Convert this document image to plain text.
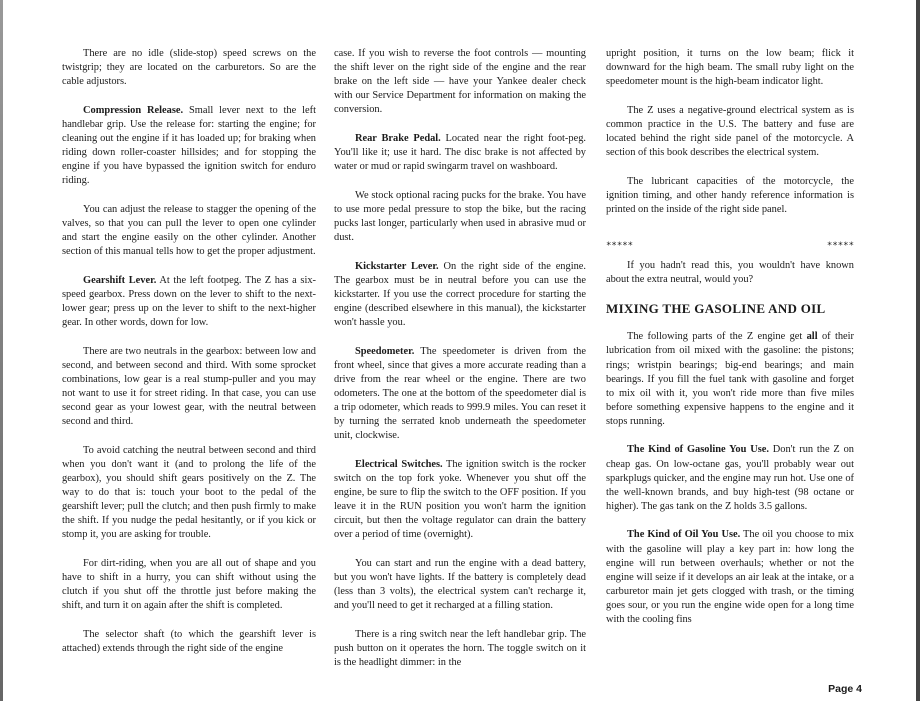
There are no idle (slide-stop) speed screws on the twistgrip; they are located on the carburetors. So are the cable adjustors.

Compression Release. Small lever next to the left handlebar grip. Use the release for: starting the engine; for cleaning out the engine if it has loaded up; for braking when riding down roller-coaster hillsides; and for stopping the engine if you have bypassed the ignition switch for enduro riding.

You can adjust the release to stagger the opening of the valves, so that you can pull the lever to open one cylinder and start the engine easily on the other cylinder. Another section of this manual tells how to get the proper adjustment.

Gearshift Lever. At the left footpeg. The Z has a six-speed gearbox. Press down on the lever to shift to the next-lower gear; press up on the lever to shift to the next-higher gear. In other words, down for low.

There are two neutrals in the gearbox: between low and second, and between second and third. With some sprocket combinations, low gear is a real stump-puller and you may not want to use it for street riding. In that case, you can use second gear as your lowest gear, with the neutral between second and third.

To avoid catching the neutral between second and third when you don't want it (and to prolong the life of the gearbox), you should shift gears positively on the Z. The way to do that is: touch your boot to the pedal of the gearshift lever; pull the clutch; and then push firmly to make the shift. If you nudge the pedal hesitantly, or if you kick or stomp it, you are asking for trouble.

For dirt-riding, when you are all out of shape and you have to shift in a hurry, you can shift without using the clutch if you shut off the throttle just before making the shift, and turn it on again after the shift is completed.

The selector shaft (to which the gearshift lever is attached) extends through the right side of the engine

case. If you wish to reverse the foot controls — mounting the shift lever on the right side of the engine and the rear brake on the left side — have your Yankee dealer check with our Service Department for information on making the conversion.

Rear Brake Pedal. Located near the right foot-peg. You'll like it; use it hard. The disc brake is not affected by water or mud or rapid swingarm travel on washboard.

We stock optional racing pucks for the brake. You have to use more pedal pressure to stop the bike, but the racing pucks last longer, particularly when used in abrasive mud or dust.

Kickstarter Lever. On the right side of the engine. The gearbox must be in neutral before you can use the kickstarter. If you use the correct procedure for starting the engine (described elsewhere in this manual), the kickstarter won't hassle you.

Speedometer. The speedometer is driven from the front wheel, since that gives a more accurate reading than a drive from the rear wheel or the engine. There are two odometers. The one at the bottom of the speedometer dial is a trip odometer, which reads to 999.9 miles. You can reset it by turning the serrated knob underneath the speedometer unit, clockwise.

Electrical Switches. The ignition switch is the rocker switch on the top fork yoke. Whenever you shut off the engine, be sure to flip the switch to the OFF position. If you leave it in the RUN position you won't harm the ignition circuit, but then the voltage regulator can drain the battery over a period of time (overnight).

You can start and run the engine with a dead battery, but you won't have lights. If the battery is completely dead (less than 3 volts), the electrical system can't recharge it, and you'll need to get it recharged at a filling station.

There is a ring switch near the left handlebar grip. The push button on it operates the horn. The toggle switch on it is the headlight dimmer: in the

upright position, it turns on the low beam; flick it downward for the high beam. The small ruby light on the speedometer mount is the high-beam indicator light.

The Z uses a negative-ground electrical system as is common practice in the U.S. The battery and fuse are located behind the right side panel of the motorcycle. A section of this book describes the electrical system.

The lubricant capacities of the motorcycle, the ignition timing, and other handy reference information is printed on the inside of the right side panel.

*****	*****

If you hadn't read this, you wouldn't have known about the extra neutral, would you?

MIXING THE GASOLINE AND OIL

The following parts of the Z engine get all of their lubrication from oil mixed with the gasoline: the pistons; rings; wristpin bearings; big-end bearings; and main bearings. If you fill the fuel tank with gasoline and forget to mix oil with it, you won't ride more than five miles before something expensive happens to the engine and it stops running.

The Kind of Gasoline You Use. Don't run the Z on cheap gas. On low-octane gas, you'll probably wear out sparkplugs quicker, and the engine may run hot. Use one of the well-known brands, and buy high-test (98 octane or higher). The gas tank on the Z holds 3.5 gallons.

The Kind of Oil You Use. The oil you choose to mix with the gasoline will play a key part in: how long the engine will run between overhauls; whether or not the engine will seize if it develops an air leak at the intake, or a carburetor main jet gets clogged with trash, or the timing goes sour, or you run the engine wide open for a long time with the cooling fins

Page 4
